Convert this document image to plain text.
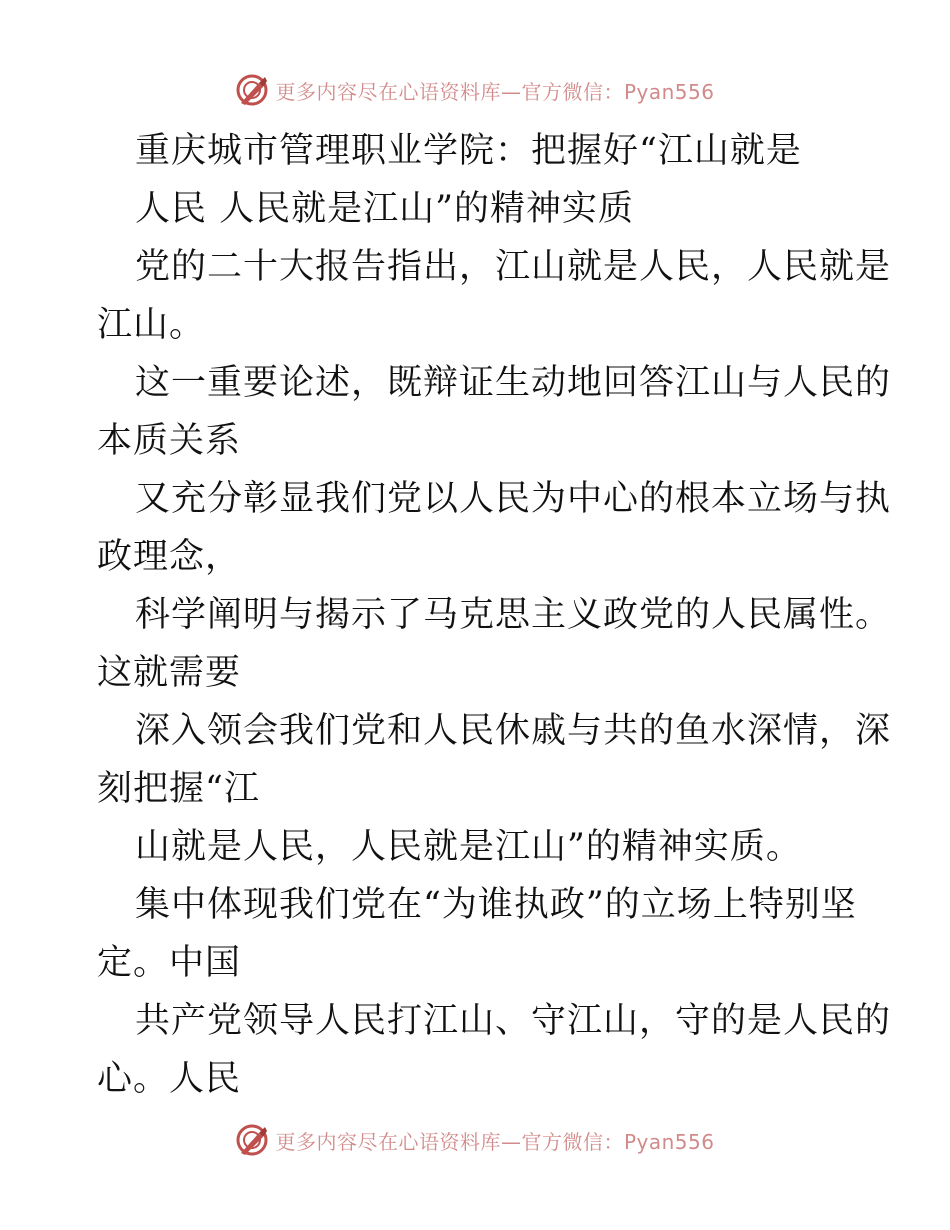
更多内容尽在心语资料库—官方微信：Pyan556
重庆城市管理职业学院：把握好“江山就是
人民 人民就是江山”的精神实质
党的二十大报告指出，江山就是人民，人民就是
江山。
这一重要论述，既辩证生动地回答江山与人民的
本质关系
又充分彰显我们党以人民为中心的根本立场与执
政理念，
科学阐明与揭示了马克思主义政党的人民属性。
这就需要
深入领会我们党和人民休戚与共的鱼水深情，深
刻把握“江
山就是人民，人民就是江山”的精神实质。
集中体现我们党在“为谁执政”的立场上特别坚
定。中国
共产党领导人民打江山、守江山，守的是人民的
心。人民
更多内容尽在心语资料库—官方微信：Pyan556
